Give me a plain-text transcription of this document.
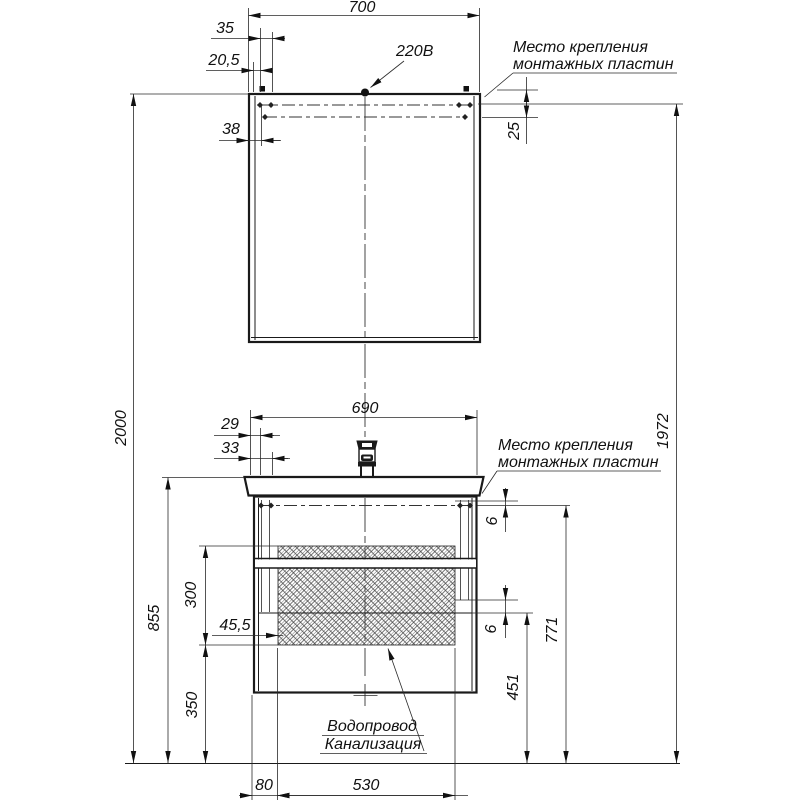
700
35
20,5
38
220В	Место крепления
монтажных пластин
2000
855
300
350
45,5
1972
25
690
29
33	Место крепления
монтажных пластин
6
771
6
451
80	530
Водопровод
Канализация
